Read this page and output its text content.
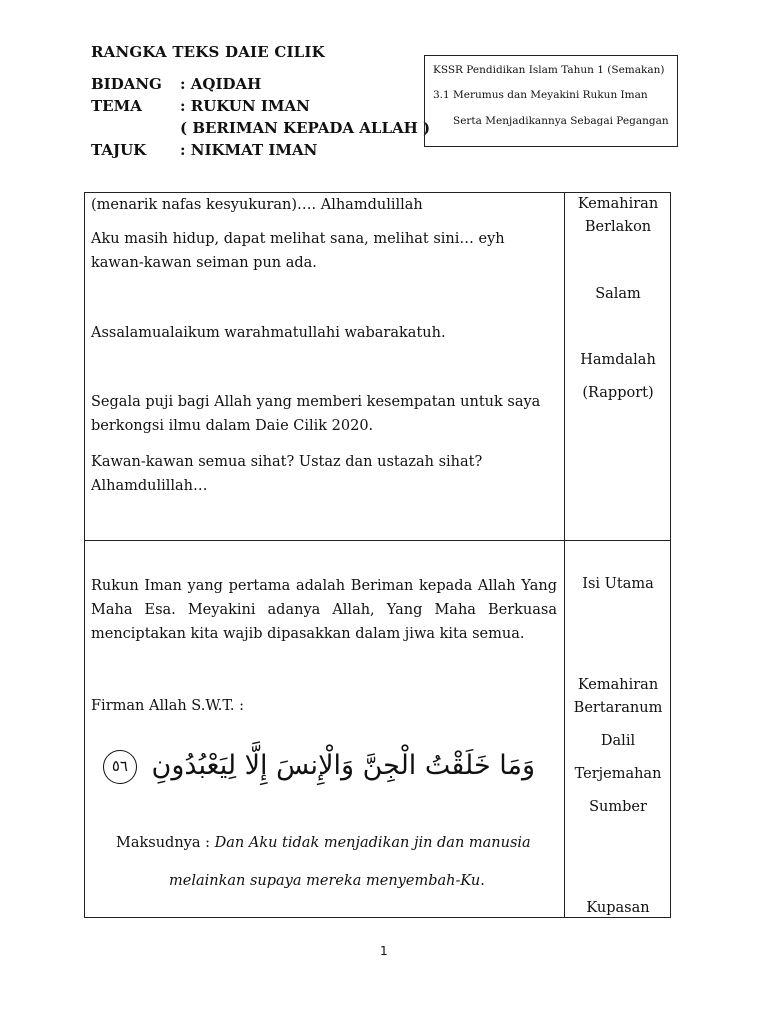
RANGKA TEKS DAIE CILIK
BIDANG : AQIDAH
TEMA	: RUKUN IMAN
( BERIMAN KEPADA ALLAH )
TAJUK : NIKMAT IMAN
KSSR Pendidikan Islam Tahun 1 (Semakan)
3.1 Merumus dan Meyakini Rukun Iman
Serta Menjadikannya Sebagai Pegangan
(menarik nafas kesyukuran)…. Alhamdulillah
Aku masih hidup, dapat melihat sana, melihat sini… eyh kawan-kawan seiman pun ada.
Assalamualaikum warahmatullahi wabarakatuh.
Segala puji bagi Allah yang memberi kesempatan untuk saya berkongsi ilmu dalam Daie Cilik 2020.
Kawan-kawan semua sihat? Ustaz dan ustazah sihat? Alhamdulillah…
Kemahiran
Berlakon
Salam
Hamdalah
(Rapport)
Rukun Iman yang pertama adalah Beriman kepada Allah Yang Maha Esa. Meyakini adanya Allah, Yang Maha Berkuasa menciptakan kita wajib dipasakkan dalam jiwa kita semua.
Firman Allah S.W.T. :
وَمَا خَلَقْتُ الْجِنَّ وَالْإِنسَ إِلَّا لِيَعْبُدُونِ ٥٦
Maksudnya : Dan Aku tidak menjadikan jin dan manusia
melainkan supaya mereka menyembah-Ku.
Isi Utama
Kemahiran
Bertaranum
Dalil
Terjemahan
Sumber
Kupasan
1
